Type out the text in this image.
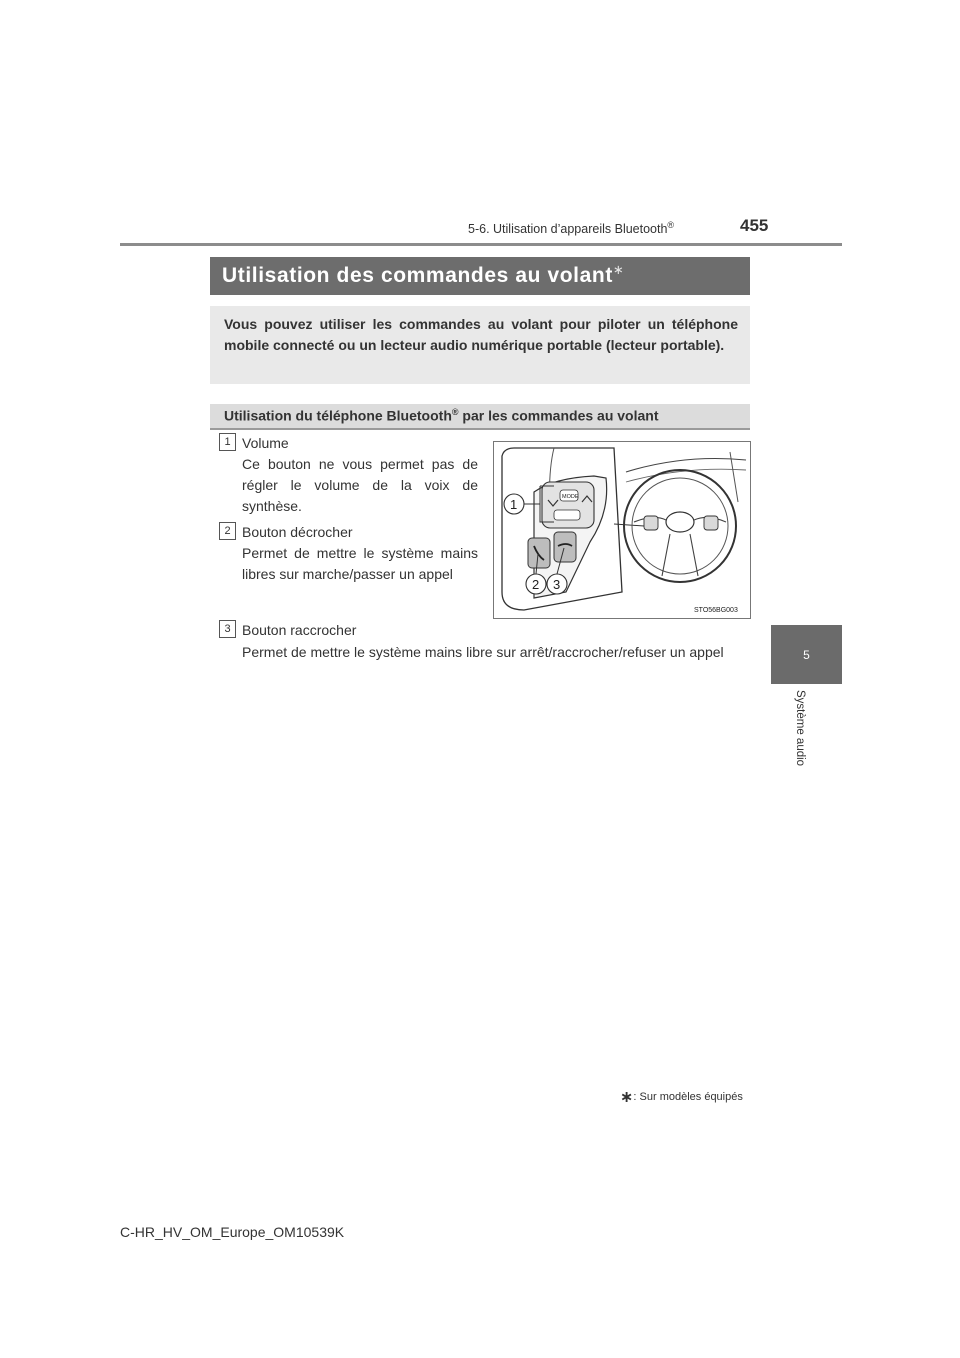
5-6. Utilisation d’appareils Bluetooth®	455
5
Système audio
Utilisation des commandes au volant∗
Vous pouvez utiliser les commandes au volant pour piloter un téléphone mobile connecté ou un lecteur audio numérique portable (lecteur portable).
Utilisation du téléphone Bluetooth® par les commandes au volant
1 Volume
Ce bouton ne vous permet pas de régler le volume de la voix de synthèse.
2 Bouton décrocher
Permet de mettre le système mains libres sur marche/passer un appel
3 Bouton raccrocher
Permet de mettre le système mains libre sur arrêt/raccrocher/refuser un appel
MODE
1
2 3
STO56BG003
∗: Sur modèles équipés
C-HR_HV_OM_Europe_OM10539K
